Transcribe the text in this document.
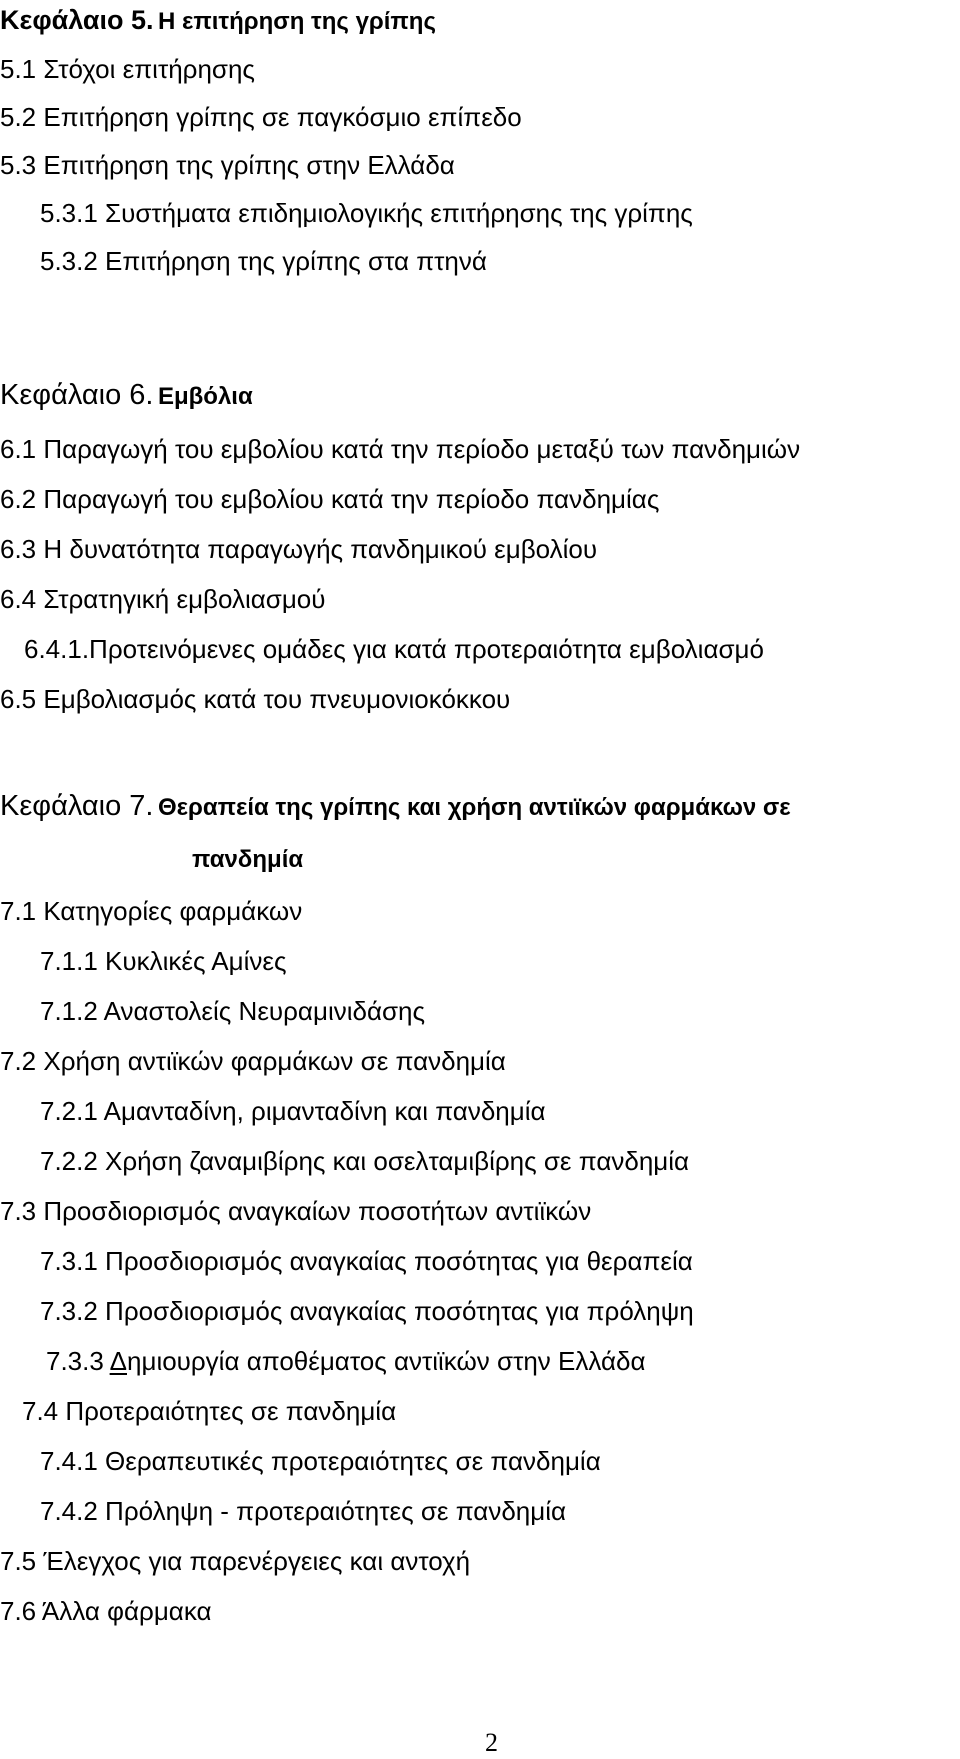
Κεφάλαιο 5. Η επιτήρηση της γρίπης
5.1 Στόχοι επιτήρησης
5.2 Επιτήρηση γρίπης σε παγκόσμιο επίπεδο
5.3 Επιτήρηση της γρίπης στην Ελλάδα
5.3.1 Συστήματα επιδημιολογικής επιτήρησης της γρίπης
5.3.2 Επιτήρηση της γρίπης στα πτηνά
Κεφάλαιο 6. Εμβόλια
6.1 Παραγωγή του εμβολίου κατά την περίοδο μεταξύ των πανδημιών
6.2 Παραγωγή του εμβολίου κατά την περίοδο πανδημίας
6.3 Η δυνατότητα παραγωγής πανδημικού εμβολίου
6.4 Στρατηγική εμβολιασμού
6.4.1.Προτεινόμενες ομάδες για κατά προτεραιότητα εμβολιασμό
6.5 Εμβολιασμός κατά του πνευμονιοκόκκου
Κεφάλαιο 7. Θεραπεία της γρίπης και χρήση αντιϊκών φαρμάκων σε
πανδημία
7.1 Κατηγορίες φαρμάκων
7.1.1 Κυκλικές Αμίνες
7.1.2 Αναστολείς Νευραμινιδάσης
7.2 Χρήση αντιϊκών φαρμάκων σε πανδημία
7.2.1 Αμανταδίνη, ριμανταδίνη και πανδημία
7.2.2 Χρήση ζαναμιβίρης και οσελταμιβίρης σε πανδημία
7.3 Προσδιορισμός αναγκαίων ποσοτήτων αντιϊκών
7.3.1 Προσδιορισμός αναγκαίας ποσότητας για θεραπεία
7.3.2 Προσδιορισμός αναγκαίας ποσότητας για πρόληψη
7.3.3 Δημιουργία αποθέματος αντιϊκών στην Ελλάδα
7.4 Προτεραιότητες σε πανδημία
7.4.1 Θεραπευτικές προτεραιότητες σε πανδημία
7.4.2 Πρόληψη - προτεραιότητες σε πανδημία
7.5 Έλεγχος για παρενέργειες και αντοχή
7.6 Άλλα φάρμακα
2
